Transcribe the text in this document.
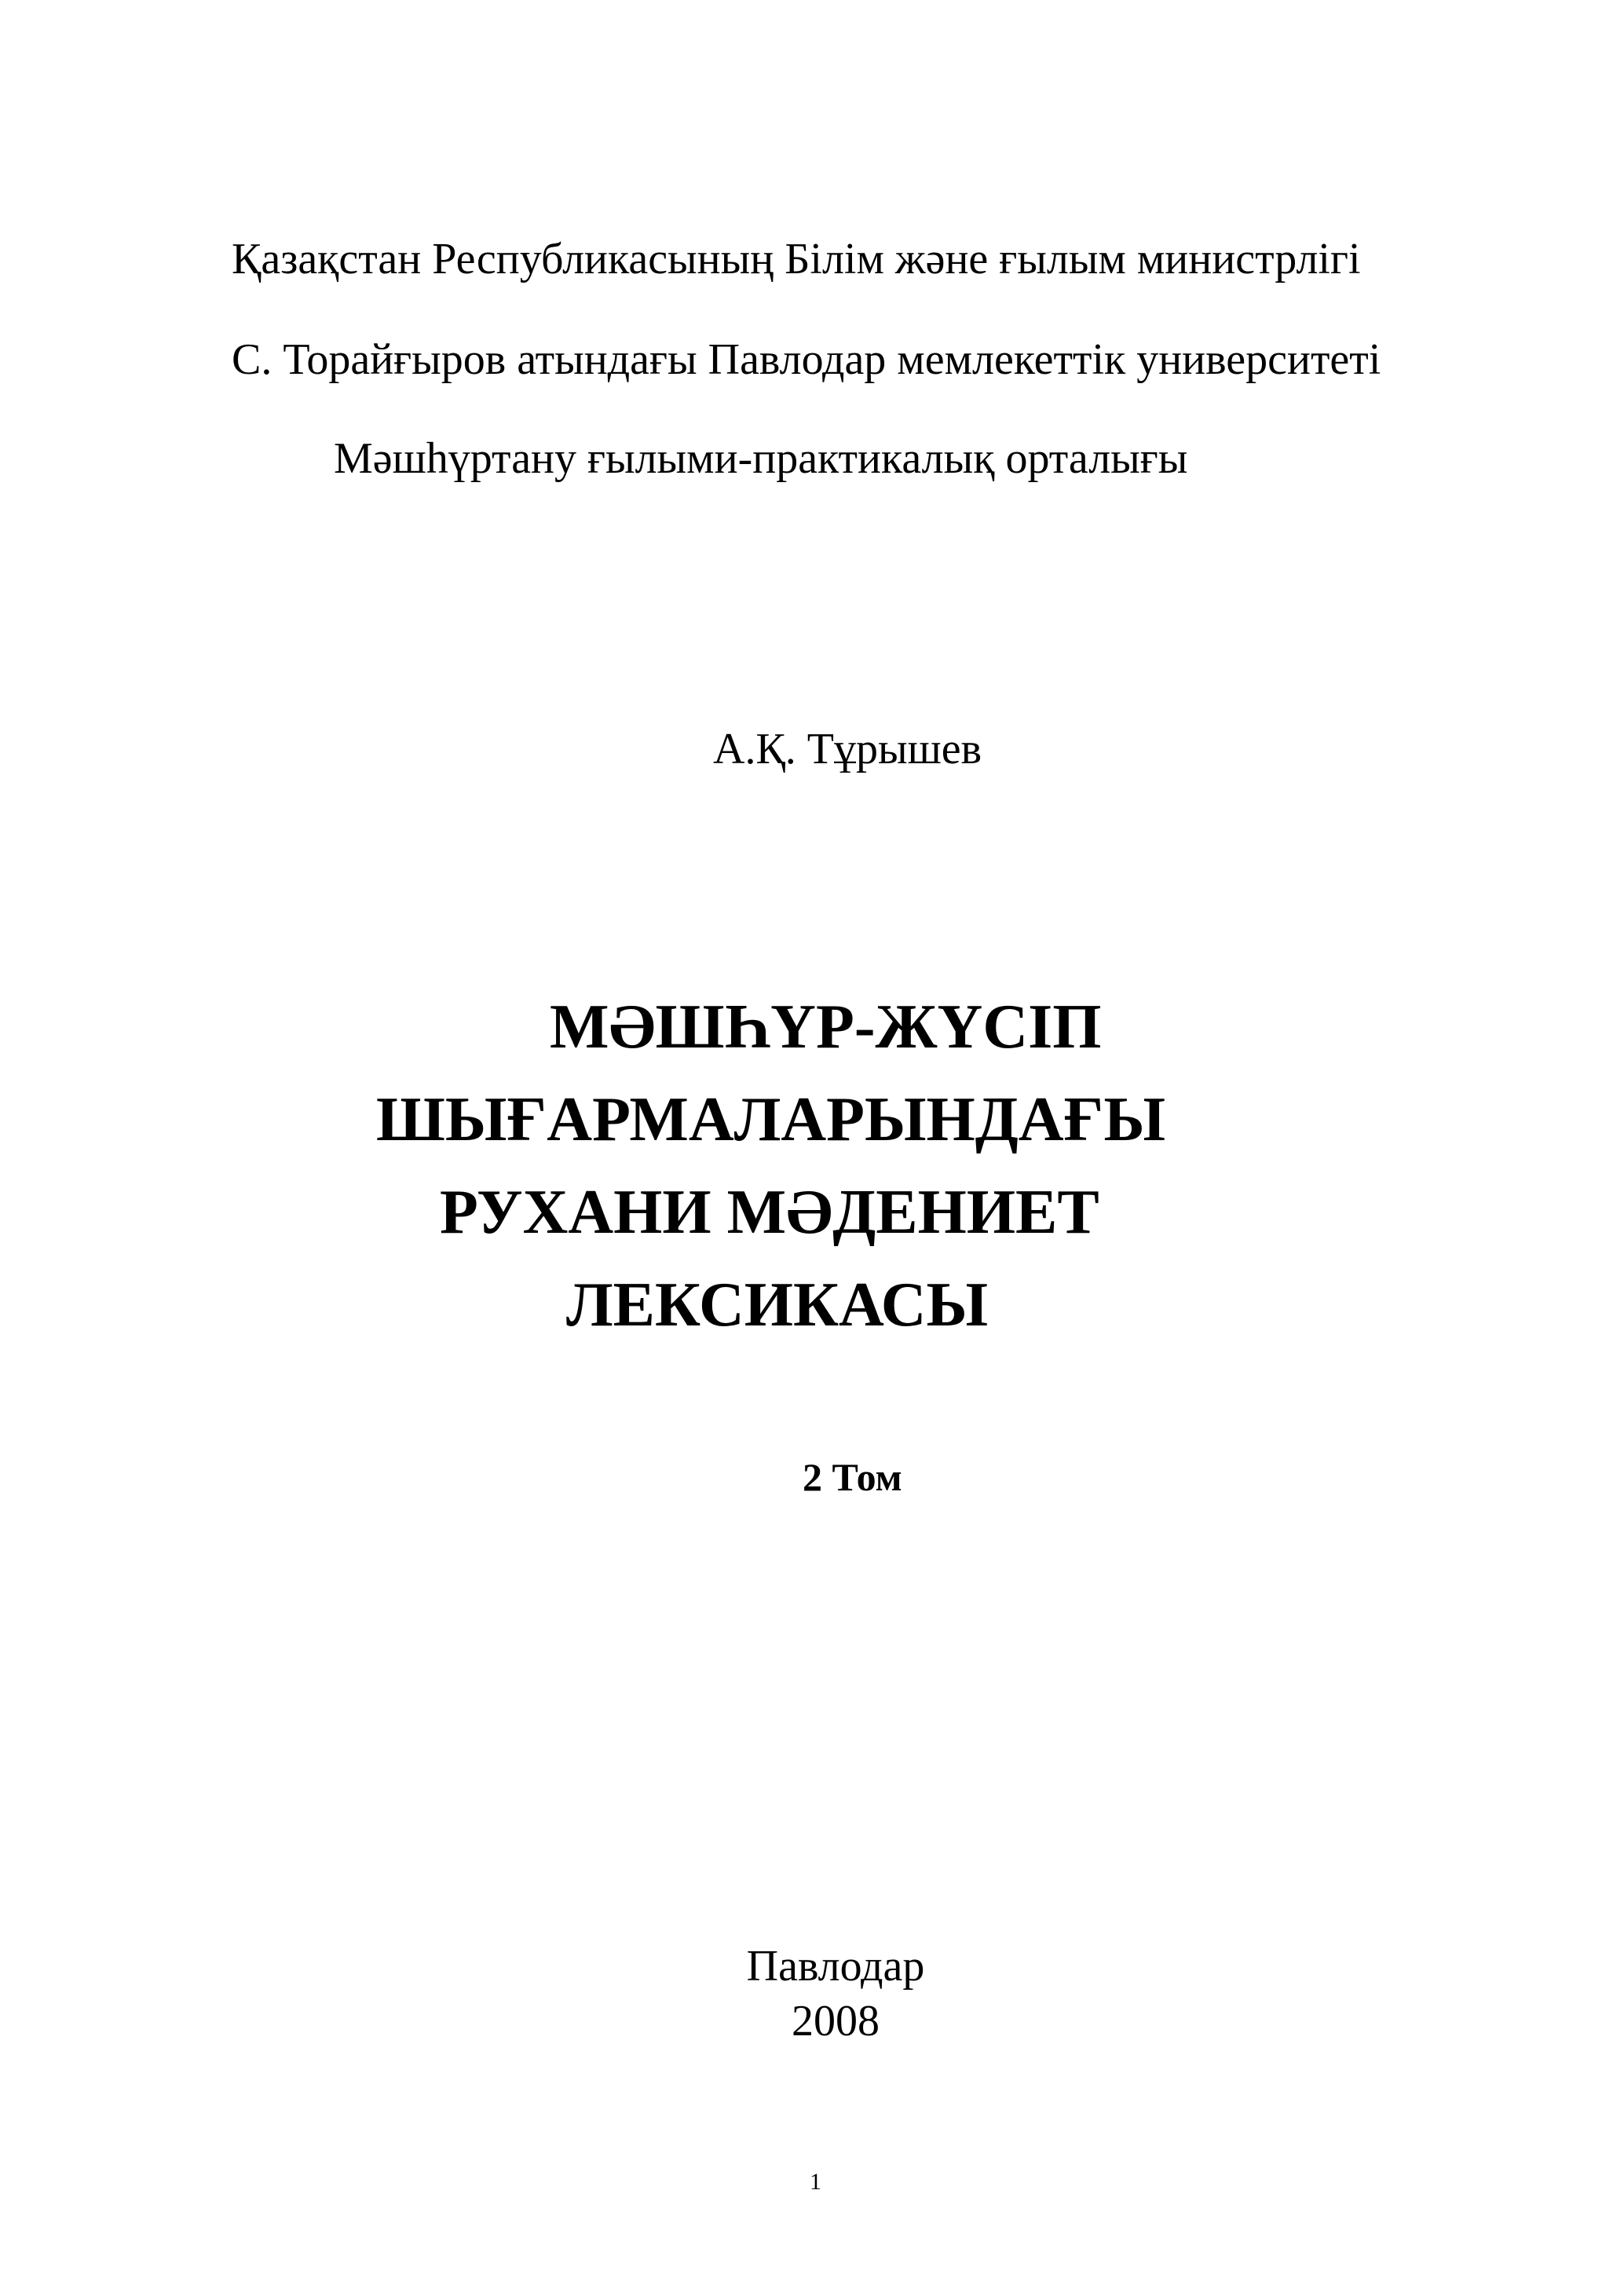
Қазақстан Республикасының Білім және ғылым министрлігі
С. Торайғыров атындағы Павлодар мемлекеттік университеті
Мәшһүртану ғылыми-практикалық орталығы
А.Қ. Тұрышев
МӘШҺҮР-ЖҮСІП
ШЫҒАРМАЛАРЫНДАҒЫ
РУХАНИ МӘДЕНИЕТ
ЛЕКСИКАСЫ
2 Том
Павлодар
2008
1
